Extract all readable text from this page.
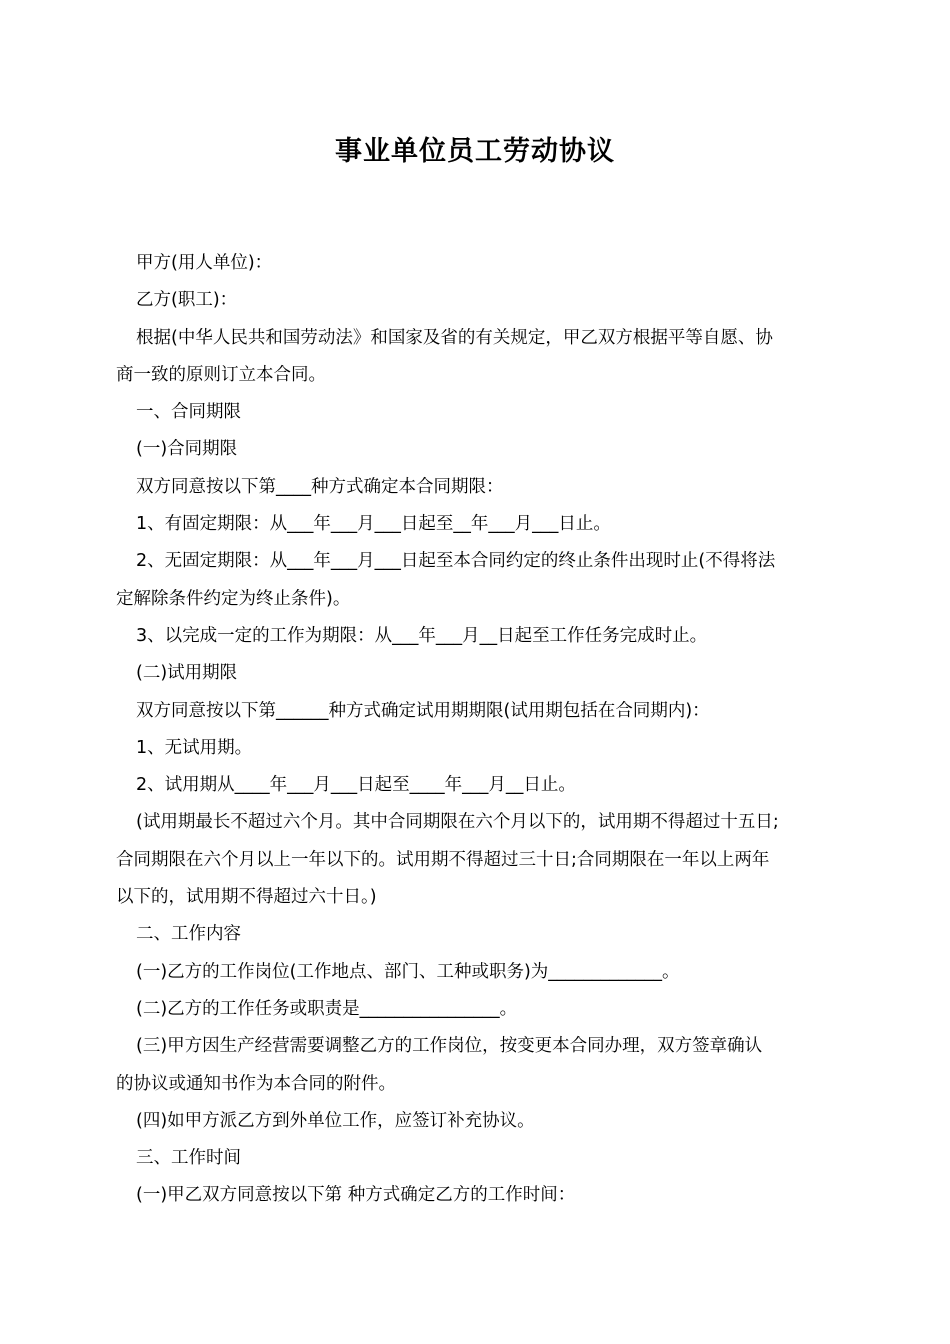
事业单位员工劳动协议
甲方(用人单位)：
乙方(职工)：
根据(中华人民共和国劳动法》和国家及省的有关规定，甲乙双方根据平等自愿、协
商一致的原则订立本合同。
一、合同期限
(一)合同期限
双方同意按以下第____种方式确定本合同期限：
1、有固定期限：从___年___月___日起至__年___月___日止。
2、无固定期限：从___年___月___日起至本合同约定的终止条件出现时止(不得将法
定解除条件约定为终止条件)。
3、以完成一定的工作为期限：从___年___月__日起至工作任务完成时止。
(二)试用期限
双方同意按以下第______种方式确定试用期期限(试用期包括在合同期内)：
1、无试用期。
2、试用期从____年___月___日起至____年___月__日止。
(试用期最长不超过六个月。其中合同期限在六个月以下的，试用期不得超过十五日;
合同期限在六个月以上一年以下的。试用期不得超过三十日;合同期限在一年以上两年
以下的，试用期不得超过六十日。)
二、工作内容
(一)乙方的工作岗位(工作地点、部门、工种或职务)为_____________。
(二)乙方的工作任务或职责是________________。
(三)甲方因生产经营需要调整乙方的工作岗位，按变更本合同办理，双方签章确认
的协议或通知书作为本合同的附件。
(四)如甲方派乙方到外单位工作，应签订补充协议。
三、工作时间
(一)甲乙双方同意按以下第 种方式确定乙方的工作时间：
